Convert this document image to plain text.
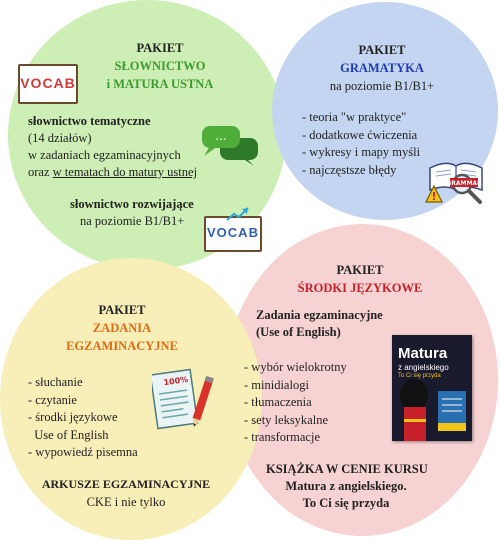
PAKIET
SŁOWNICTWO
i MATURA USTNA
VOCAB
słownictwo tematyczne
(14 działów)
w zadaniach egzaminacyjnych
oraz w tematach do matury ustnej
...
słownictwo rozwijające
na poziomie B1/B1+
VOCAB
PAKIET
GRAMATYKA
na poziomie B1/B1+
- teoria "w praktyce"
- dodatkowe ćwiczenia
- wykresy i mapy myśli
- najczęstsze błędy
GRAMMAR
!
PAKIET
ŚRODKI JĘZYKOWE
Zadania egzaminacyjne
(Use of English)
- wybór wielokrotny
- minidialogi
- tłumaczenia
- sety leksykalne
- transformacje
Matura
z angielskiego
To Ci się przyda
KSIĄŻKA W CENIE KURSU
Matura z angielskiego.
To Ci się przyda
PAKIET
ZADANIA
EGZAMINACYJNE
- słuchanie
- czytanie
- środki językowe
Use of English
- wypowiedź pisemna
100%
ARKUSZE EGZAMINACYJNE
CKE i nie tylko
